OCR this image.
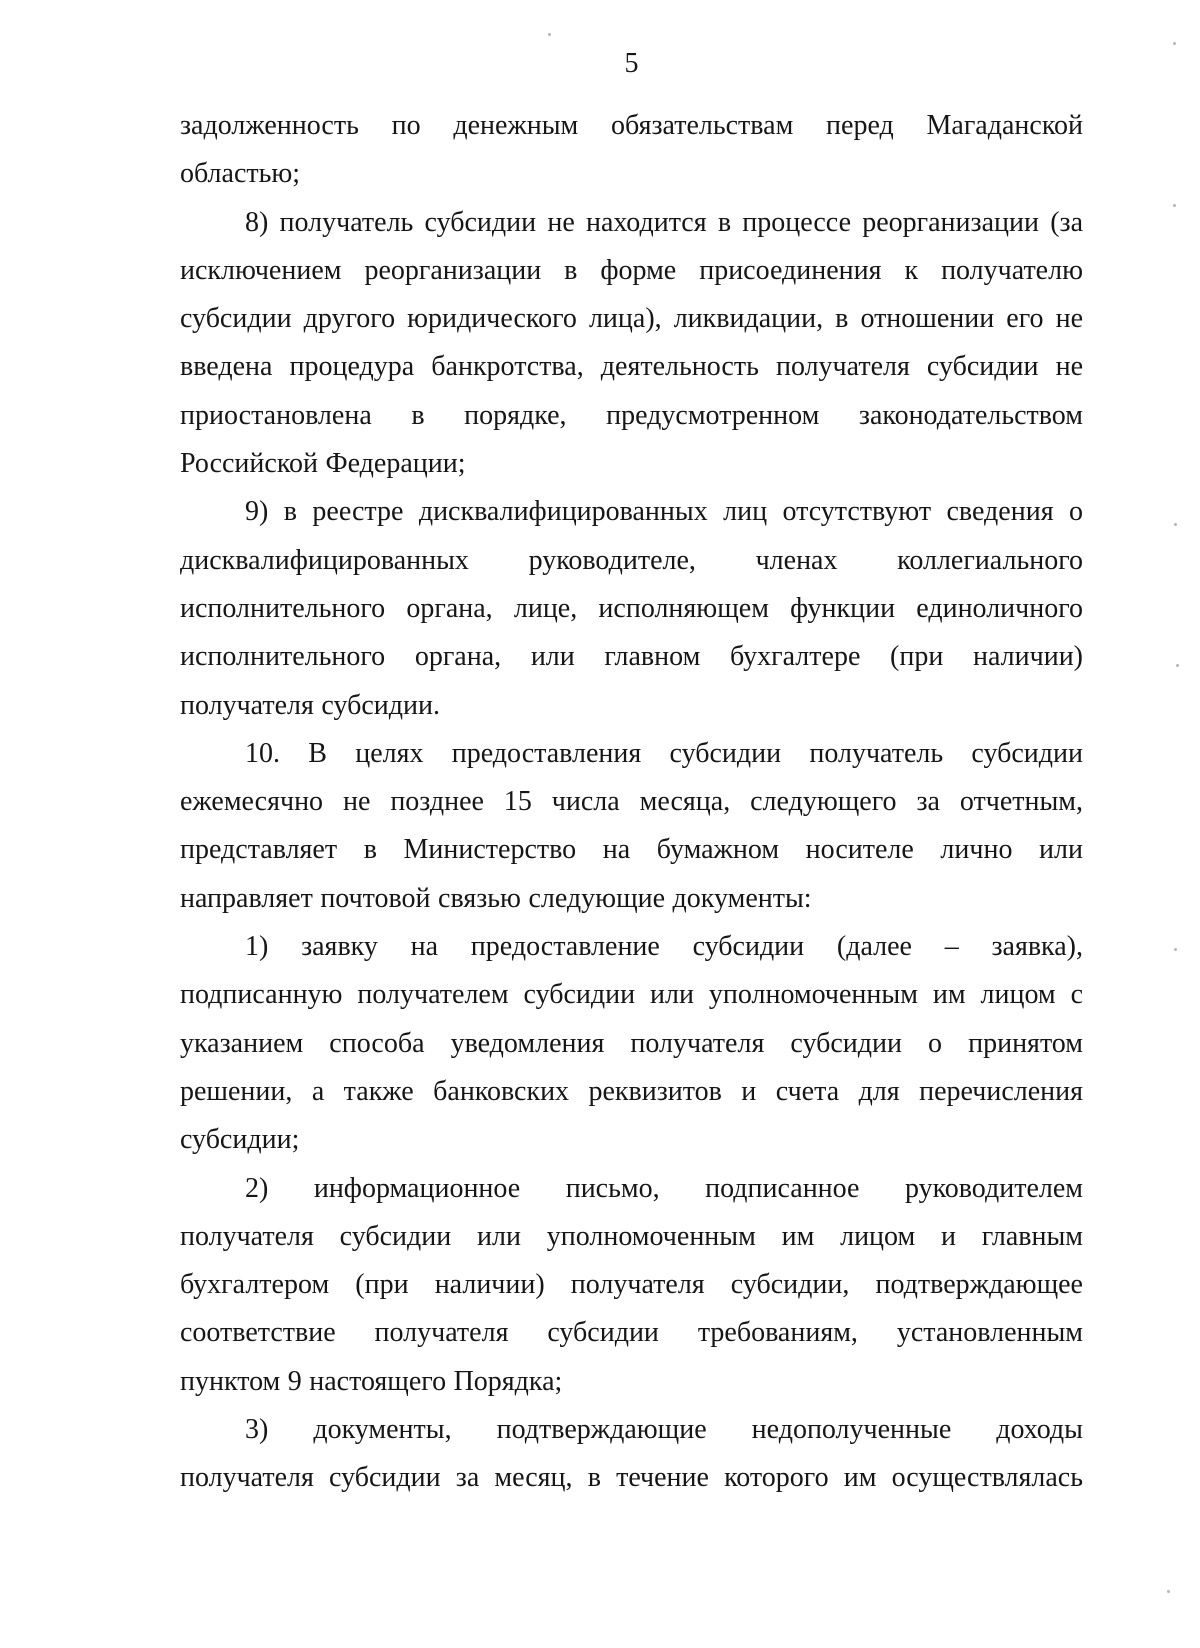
5
задолженность по денежным обязательствам перед Магаданской
областью;
8) получатель субсидии не находится в процессе реорганизации (за
исключением реорганизации в форме присоединения к получателю
субсидии другого юридического лица), ликвидации, в отношении его не
введена процедура банкротства, деятельность получателя субсидии не
приостановлена в порядке, предусмотренном законодательством
Российской Федерации;
9) в реестре дисквалифицированных лиц отсутствуют сведения о
дисквалифицированных руководителе, членах коллегиального
исполнительного органа, лице, исполняющем функции единоличного
исполнительного органа, или главном бухгалтере (при наличии)
получателя субсидии.
10. В целях предоставления субсидии получатель субсидии
ежемесячно не позднее 15 числа месяца, следующего за отчетным,
представляет в Министерство на бумажном носителе лично или
направляет почтовой связью следующие документы:
1) заявку на предоставление субсидии (далее – заявка),
подписанную получателем субсидии или уполномоченным им лицом с
указанием способа уведомления получателя субсидии о принятом
решении, а также банковских реквизитов и счета для перечисления
субсидии;
2) информационное письмо, подписанное руководителем
получателя субсидии или уполномоченным им лицом и главным
бухгалтером (при наличии) получателя субсидии, подтверждающее
соответствие получателя субсидии требованиям, установленным
пунктом 9 настоящего Порядка;
3) документы, подтверждающие недополученные доходы
получателя субсидии за месяц, в течение которого им осуществлялась
